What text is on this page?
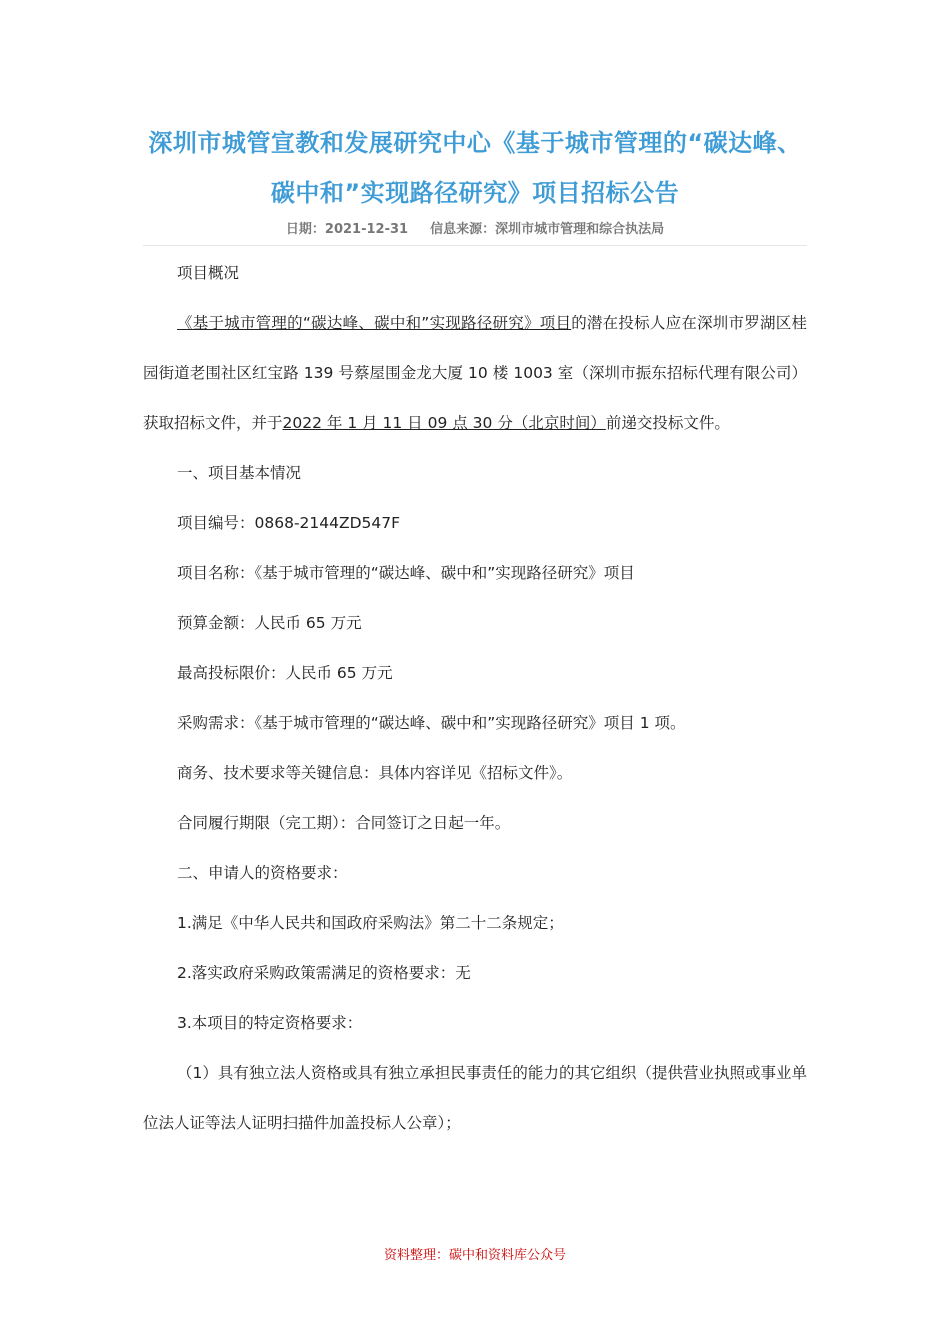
深圳市城管宣教和发展研究中心《基于城市管理的“碳达峰、碳中和”实现路径研究》项目招标公告
日期：2021-12-31 信息来源：深圳市城市管理和综合执法局

项目概况

《基于城市管理的“碳达峰、碳中和”实现路径研究》项目的潜在投标人应在深圳市罗湖区桂园街道老围社区红宝路 139 号蔡屋围金龙大厦 10 楼 1003 室（深圳市振东招标代理有限公司） 获取招标文件，并于2022 年 1 月 11 日 09 点 30 分（北京时间）前递交投标文件。

一、项目基本情况

项目编号：0868-2144ZD547F

项目名称：《基于城市管理的“碳达峰、碳中和”实现路径研究》项目

预算金额：人民币 65 万元

最高投标限价：人民币 65 万元

采购需求：《基于城市管理的“碳达峰、碳中和”实现路径研究》项目 1 项。

商务、技术要求等关键信息：具体内容详见《招标文件》。

合同履行期限（完工期）：合同签订之日起一年。

二、申请人的资格要求：

1.满足《中华人民共和国政府采购法》第二十二条规定；

2.落实政府采购政策需满足的资格要求：无

3.本项目的特定资格要求：

（1）具有独立法人资格或具有独立承担民事责任的能力的其它组织（提供营业执照或事业单位法人证等法人证明扫描件加盖投标人公章）；

资料整理：碳中和资料库公众号
